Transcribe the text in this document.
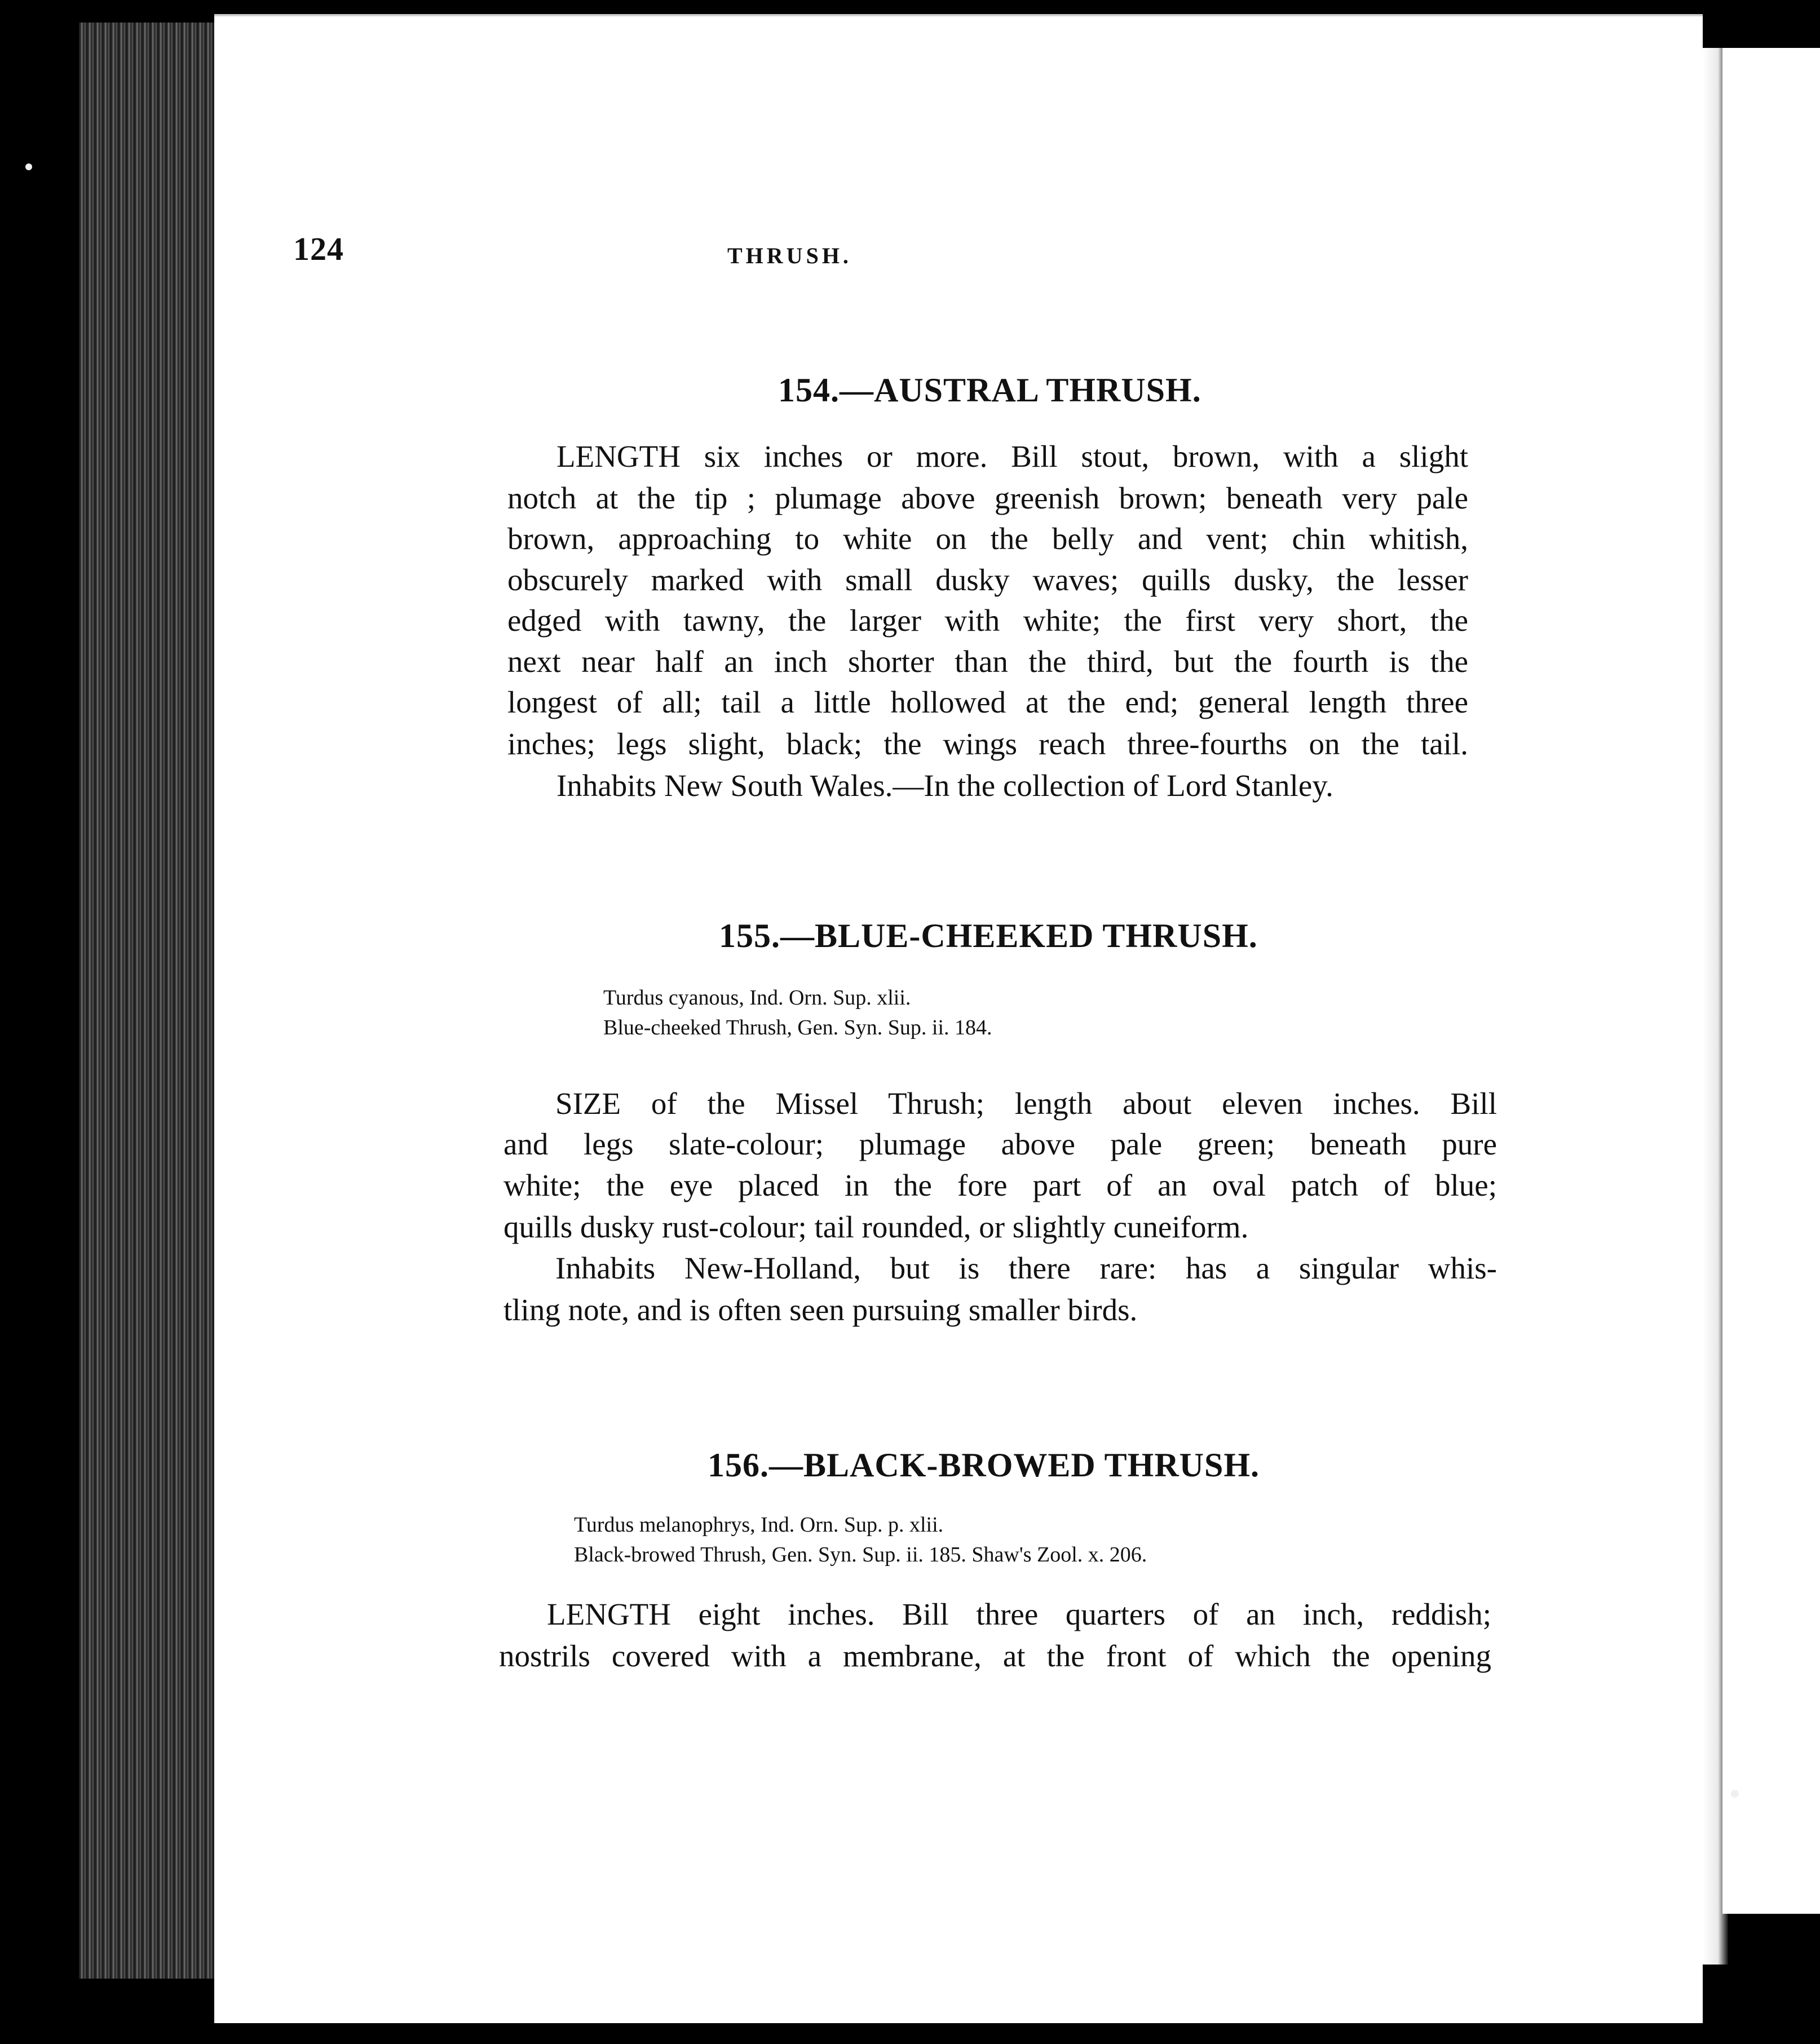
124	THRUSH.
154.—AUSTRAL THRUSH.
LENGTH six inches or more. Bill stout, brown, with a slight
notch at the tip ; plumage above greenish brown; beneath very pale
brown, approaching to white on the belly and vent; chin whitish,
obscurely marked with small dusky waves; quills dusky, the lesser
edged with tawny, the larger with white; the first very short, the
next near half an inch shorter than the third, but the fourth is the
longest of all; tail a little hollowed at the end; general length three
inches; legs slight, black; the wings reach three-fourths on the tail.
Inhabits New South Wales.—In the collection of Lord Stanley.
155.—BLUE-CHEEKED THRUSH.
Turdus cyanous, Ind. Orn. Sup. xlii.
Blue-cheeked Thrush, Gen. Syn. Sup. ii. 184.
SIZE of the Missel Thrush; length about eleven inches. Bill
and legs slate-colour; plumage above pale green; beneath pure
white; the eye placed in the fore part of an oval patch of blue;
quills dusky rust-colour; tail rounded, or slightly cuneiform.
Inhabits New-Holland, but is there rare: has a singular whis-
tling note, and is often seen pursuing smaller birds.
156.—BLACK-BROWED THRUSH.
Turdus melanophrys, Ind. Orn. Sup. p. xlii.
Black-browed Thrush, Gen. Syn. Sup. ii. 185. Shaw's Zool. x. 206.
LENGTH eight inches. Bill three quarters of an inch, reddish;
nostrils covered with a membrane, at the front of which the opening
